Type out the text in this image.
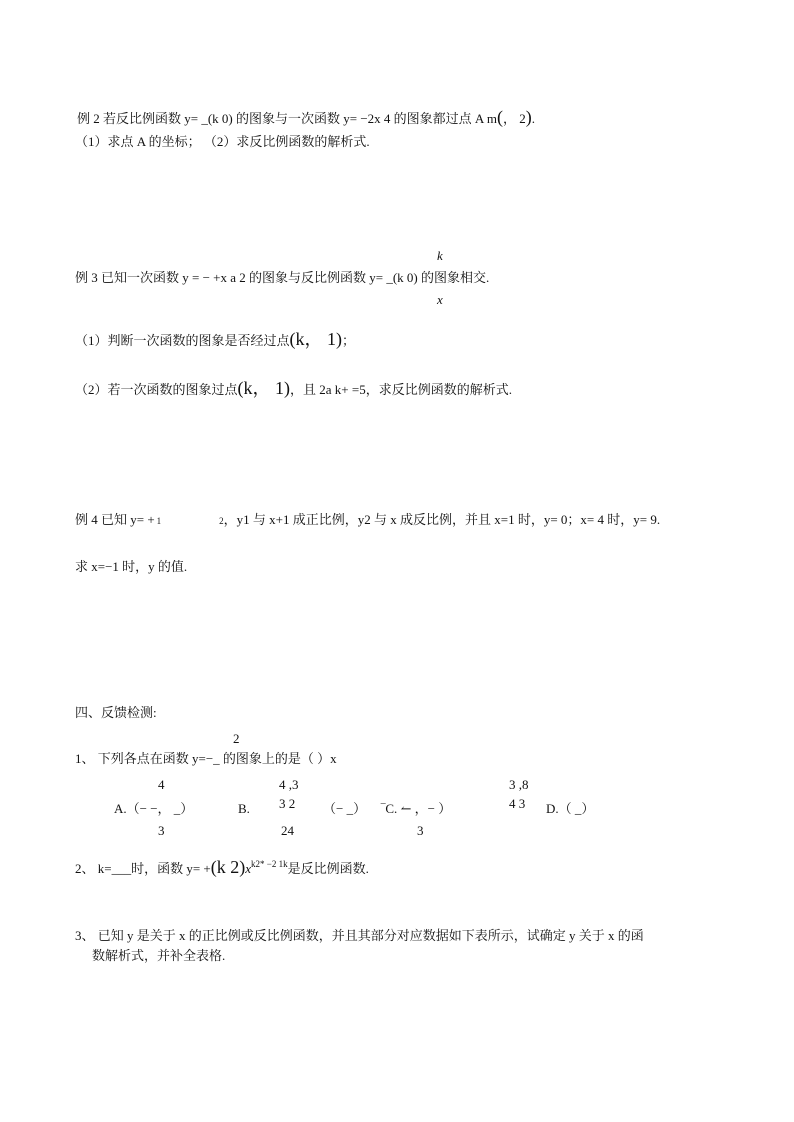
例 2 若反比例函数 y= _(k 0) 的图象与一次函数 y= −2x 4 的图象都过点 A m(， 2).
（1）求点 A 的坐标； （2）求反比例函数的解析式.
k
例 3 已知一次函数 y = − +x a 2 的图象与反比例函数 y= _(k 0) 的图象相交.
x
（1）判断一次函数的图象是否经过点(k， 1)；
（2）若一次函数的图象过点(k， 1)，且 2a k+ =5，求反比例函数的解析式.
例 4 已知 y= + 1	2，y1 与 x+1 成正比例，y2 与 x 成反比例，并且 x=1 时，y= 0；x= 4 时，y= 9.
求 x=−1 时，y 的值.
四、反馈检测:
2
1、 下列各点在函数 y=−_ 的图象上的是（ ）x
4
A.（− −， _）
3
B.
4 ,3
3 2
24
（− _） ‾C. ↼ ，− ）
3
3 ,8
4 3 D.（ _）
2、 k=___时，函数 y= +(k $2)x^{k2* -2 1k}$是反比例函数.
3、 已知 y 是关于 x 的正比例或反比例函数，并且其部分对应数据如下表所示，试确定 y 关于 x 的函
数解析式，并补全表格.
